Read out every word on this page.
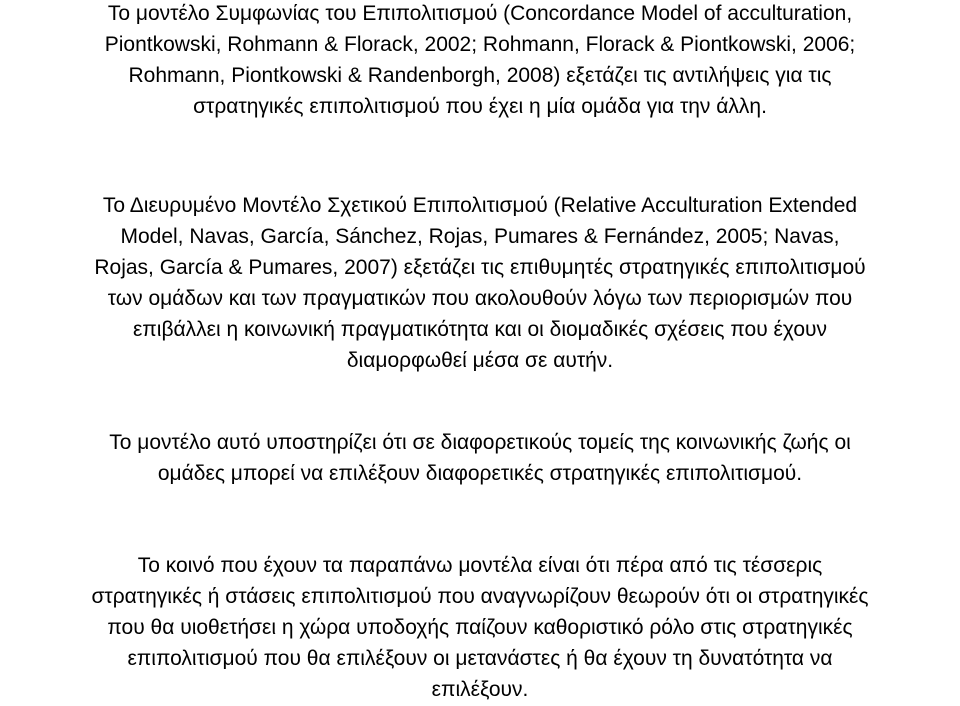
Το μοντέλο Συμφωνίας του Επιπολιτισμού (Concordance Model of acculturation,
Piontkowski, Rohmann & Florack, 2002; Rohmann, Florack & Piontkowski, 2006;
Rohmann, Piontkowski & Randenborgh, 2008) εξετάζει τις αντιλήψεις για τις
στρατηγικές επιπολιτισμού που έχει η μία ομάδα για την άλλη.

Το Διευρυμένο Μοντέλο Σχετικού Επιπολιτισμού (Relative Acculturation Extended
Model, Navas, García, Sánchez, Rojas, Pumares & Fernández, 2005; Navas,
Rojas, García & Pumares, 2007) εξετάζει τις επιθυμητές στρατηγικές επιπολιτισμού
των ομάδων και των πραγματικών που ακολουθούν λόγω των περιορισμών που
επιβάλλει η κοινωνική πραγματικότητα και οι διομαδικές σχέσεις που έχουν
διαμορφωθεί μέσα σε αυτήν.

Το μοντέλο αυτό υποστηρίζει ότι σε διαφορετικούς τομείς της κοινωνικής ζωής οι
ομάδες μπορεί να επιλέξουν διαφορετικές στρατηγικές επιπολιτισμού.

Το κοινό που έχουν τα παραπάνω μοντέλα είναι ότι πέρα από τις τέσσερις
στρατηγικές ή στάσεις επιπολιτισμού που αναγνωρίζουν θεωρούν ότι οι στρατηγικές
που θα υιοθετήσει η χώρα υποδοχής παίζουν καθοριστικό ρόλο στις στρατηγικές
επιπολιτισμού που θα επιλέξουν οι μετανάστες ή θα έχουν τη δυνατότητα να
επιλέξουν.
